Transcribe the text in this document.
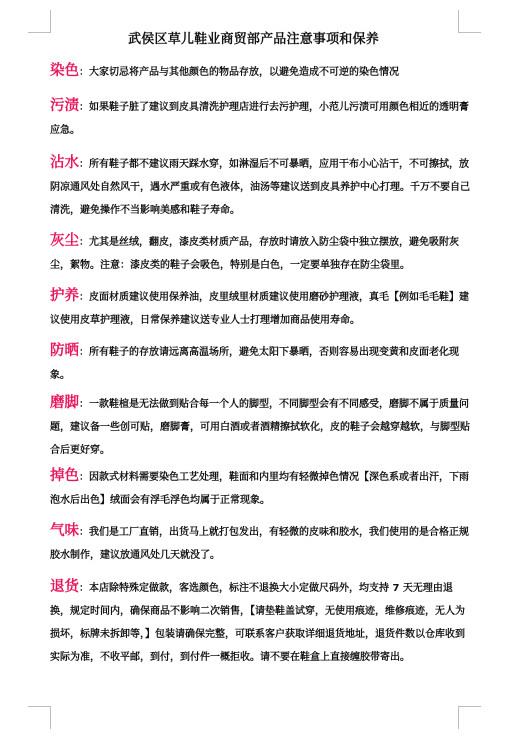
武侯区草儿鞋业商贸部产品注意事项和保养
染色：大家切忌将产品与其他颜色的物品存放，以避免造成不可逆的染色情况
污渍：如果鞋子脏了建议到皮具清洗护理店进行去污护理，小范儿污渍可用颜色相近的透明膏应急。
沾水：所有鞋子都不建议雨天踩水穿，如淋湿后不可暴晒，应用干布小心沾干，不可擦拭，放阴凉通风处自然风干，遇水严重或有色液体，油汤等建议送到皮具养护中心打理。千万不要自己清洗，避免操作不当影响美感和鞋子寿命。
灰尘：尤其是丝绒，翻皮，漆皮类材质产品，存放时请放入防尘袋中独立摆放，避免吸附灰尘，絮物。注意：漆皮类的鞋子会吸色，特别是白色，一定要单独存在防尘袋里。
护养：皮面材质建议使用保养油，皮里绒里材质建议使用磨砂护理液，真毛【例如毛毛鞋】建议使用皮草护理液，日常保养建议送专业人士打理增加商品使用寿命。
防晒：所有鞋子的存放请远离高温场所，避免太阳下暴晒，否则容易出现变黄和皮面老化现象。
磨脚：一款鞋楦是无法做到贴合每一个人的脚型，不同脚型会有不同感受，磨脚不属于质量问题，建议备一些创可贴，磨脚膏，可用白酒或者酒精擦拭软化，皮的鞋子会越穿越软，与脚型贴合后更好穿。
掉色：因款式材料需要染色工艺处理，鞋面和内里均有轻微掉色情况【深色系或者出汗，下雨泡水后出色】绒面会有浮毛浮色均属于正常现象。
气味：我们是工厂直销，出货马上就打包发出，有轻微的皮味和胶水，我们使用的是合格正规胶水制作，建议放通风处几天就没了。
退货：本店除特殊定做款，客选颜色，标注不退换大小定做尺码外，均支持 7 天无理由退换，规定时间内，确保商品不影响二次销售，【请垫鞋盖试穿，无使用痕迹，维修痕迹，无人为损坏，标牌未拆卸等，】包装请确保完整，可联系客户获取详细退货地址，退货件数以仓库收到实际为准，不收平邮，到付，到付件一概拒收。请不要在鞋盒上直接缠胶带寄出。
